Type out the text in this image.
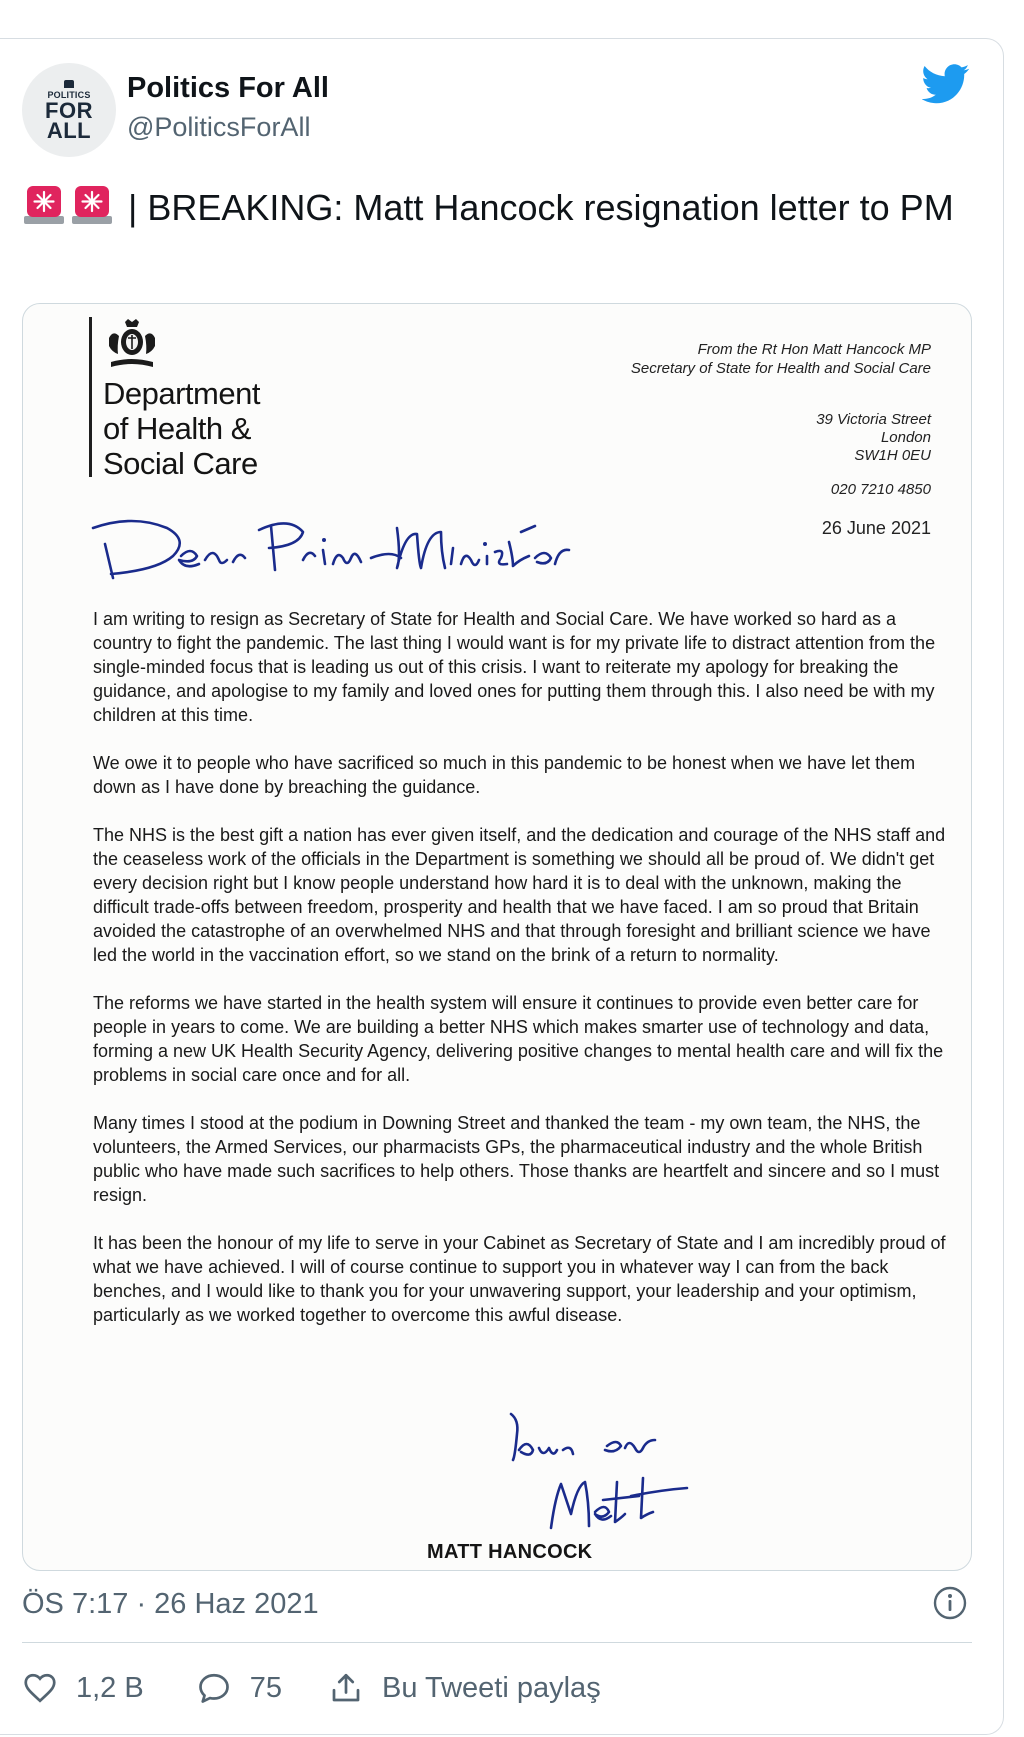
POLITICS
FOR
ALL
Politics For All
@PoliticsForAll
| BREAKING: Matt Hancock resignation letter to PM
Department
of Health &
Social Care
From the Rt Hon Matt Hancock MP
Secretary of State for Health and Social Care
39 Victoria Street
London
SW1H 0EU
020 7210 4850
26 June 2021

I am writing to resign as Secretary of State for Health and Social Care. We have worked so hard as a country to fight the pandemic. The last thing I would want is for my private life to distract attention from the single-minded focus that is leading us out of this crisis. I want to reiterate my apology for breaking the guidance, and apologise to my family and loved ones for putting them through this. I also need be with my children at this time.

We owe it to people who have sacrificed so much in this pandemic to be honest when we have let them down as I have done by breaching the guidance.

The NHS is the best gift a nation has ever given itself, and the dedication and courage of the NHS staff and the ceaseless work of the officials in the Department is something we should all be proud of. We didn't get every decision right but I know people understand how hard it is to deal with the unknown, making the difficult trade-offs between freedom, prosperity and health that we have faced. I am so proud that Britain avoided the catastrophe of an overwhelmed NHS and that through foresight and brilliant science we have led the world in the vaccination effort, so we stand on the brink of a return to normality.

The reforms we have started in the health system will ensure it continues to provide even better care for people in years to come. We are building a better NHS which makes smarter use of technology and data, forming a new UK Health Security Agency, delivering positive changes to mental health care and will fix the problems in social care once and for all.

Many times I stood at the podium in Downing Street and thanked the team - my own team, the NHS, the volunteers, the Armed Services, our pharmacists GPs, the pharmaceutical industry and the whole British public who have made such sacrifices to help others. Those thanks are heartfelt and sincere and so I must resign.

It has been the honour of my life to serve in your Cabinet as Secretary of State and I am incredibly proud of what we have achieved. I will of course continue to support you in whatever way I can from the back benches, and I would like to thank you for your unwavering support, your leadership and your optimism, particularly as we worked together to overcome this awful disease.

MATT HANCOCK
ÖS 7:17 · 26 Haz 2021
1,2 B	75	Bu Tweeti paylaş
